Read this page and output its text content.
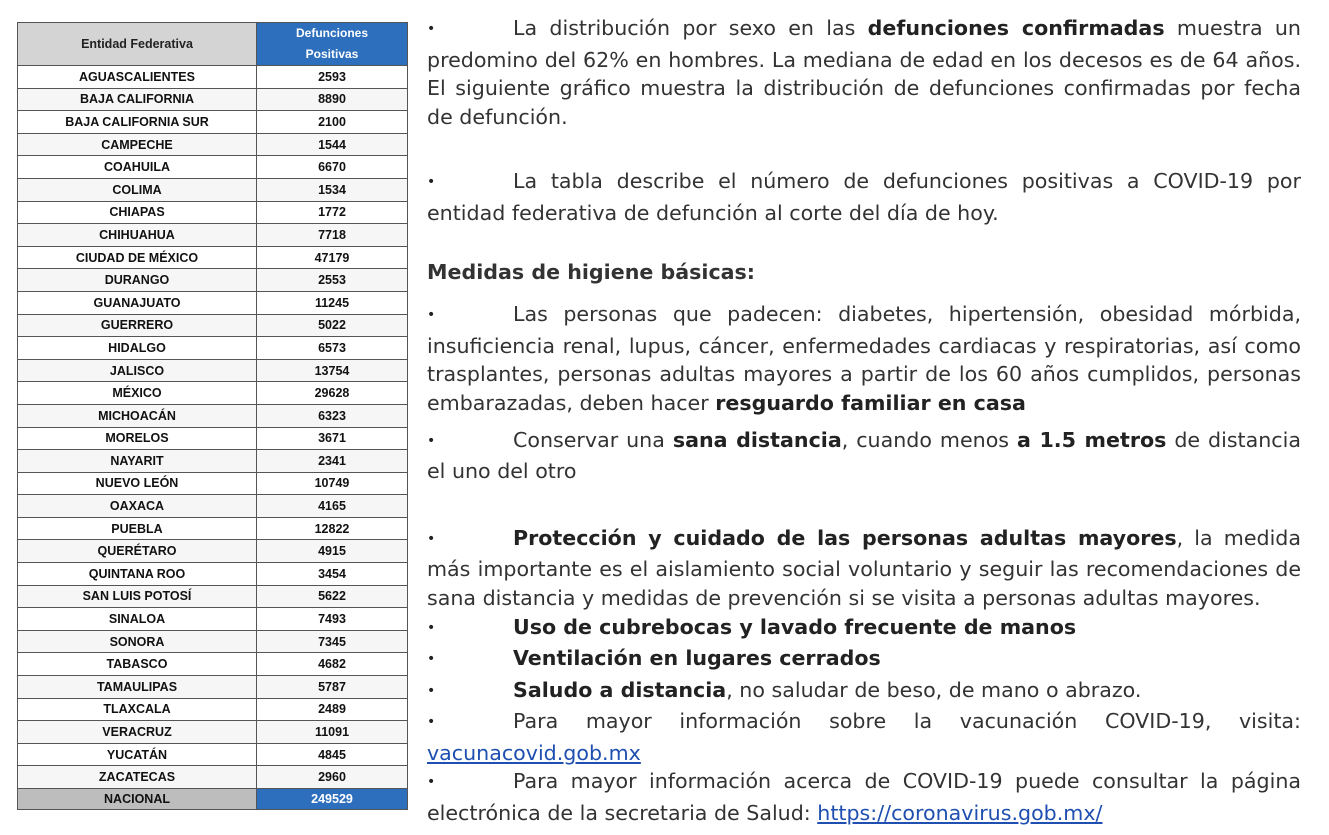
Entidad Federativa	Defunciones
Positivas
AGUASCALIENTES	2593
BAJA CALIFORNIA	8890
BAJA CALIFORNIA SUR	2100
CAMPECHE	1544
COAHUILA	6670
COLIMA	1534
CHIAPAS	1772
CHIHUAHUA	7718
CIUDAD DE MÉXICO	47179
DURANGO	2553
GUANAJUATO	11245
GUERRERO	5022
HIDALGO	6573
JALISCO	13754
MÉXICO	29628
MICHOACÁN	6323
MORELOS	3671
NAYARIT	2341
NUEVO LEÓN	10749
OAXACA	4165
PUEBLA	12822
QUERÉTARO	4915
QUINTANA ROO	3454
SAN LUIS POTOSÍ	5622
SINALOA	7493
SONORA	7345
TABASCO	4682
TAMAULIPAS	5787
TLAXCALA	2489
VERACRUZ	11091
YUCATÁN	4845
ZACATECAS	2960
NACIONAL	249529

•La distribución por sexo en las defunciones confirmadas muestra un predomino del 62% en hombres. La mediana de edad en los decesos es de 64 años. El siguiente gráfico muestra la distribución de defunciones confirmadas por fecha de defunción.

•La tabla describe el número de defunciones positivas a COVID-19 por entidad federativa de defunción al corte del día de hoy.

Medidas de higiene básicas:

•Las personas que padecen: diabetes, hipertensión, obesidad mórbida, insuficiencia renal, lupus, cáncer, enfermedades cardiacas y respiratorias, así como trasplantes, personas adultas mayores a partir de los 60 años cumplidos, personas embarazadas, deben hacer resguardo familiar en casa

•Conservar una sana distancia, cuando menos a 1.5 metros de distancia el uno del otro

•Protección y cuidado de las personas adultas mayores, la medida más importante es el aislamiento social voluntario y seguir las recomendaciones de sana distancia y medidas de prevención si se visita a personas adultas mayores.

•Uso de cubrebocas y lavado frecuente de manos

•Ventilación en lugares cerrados

•Saludo a distancia, no saludar de beso, de mano o abrazo.

•Para mayor información sobre la vacunación COVID-19, visita: vacunacovid.gob.mx

•Para mayor información acerca de COVID-19 puede consultar la página electrónica de la secretaria de Salud: https://coronavirus.gob.mx/
